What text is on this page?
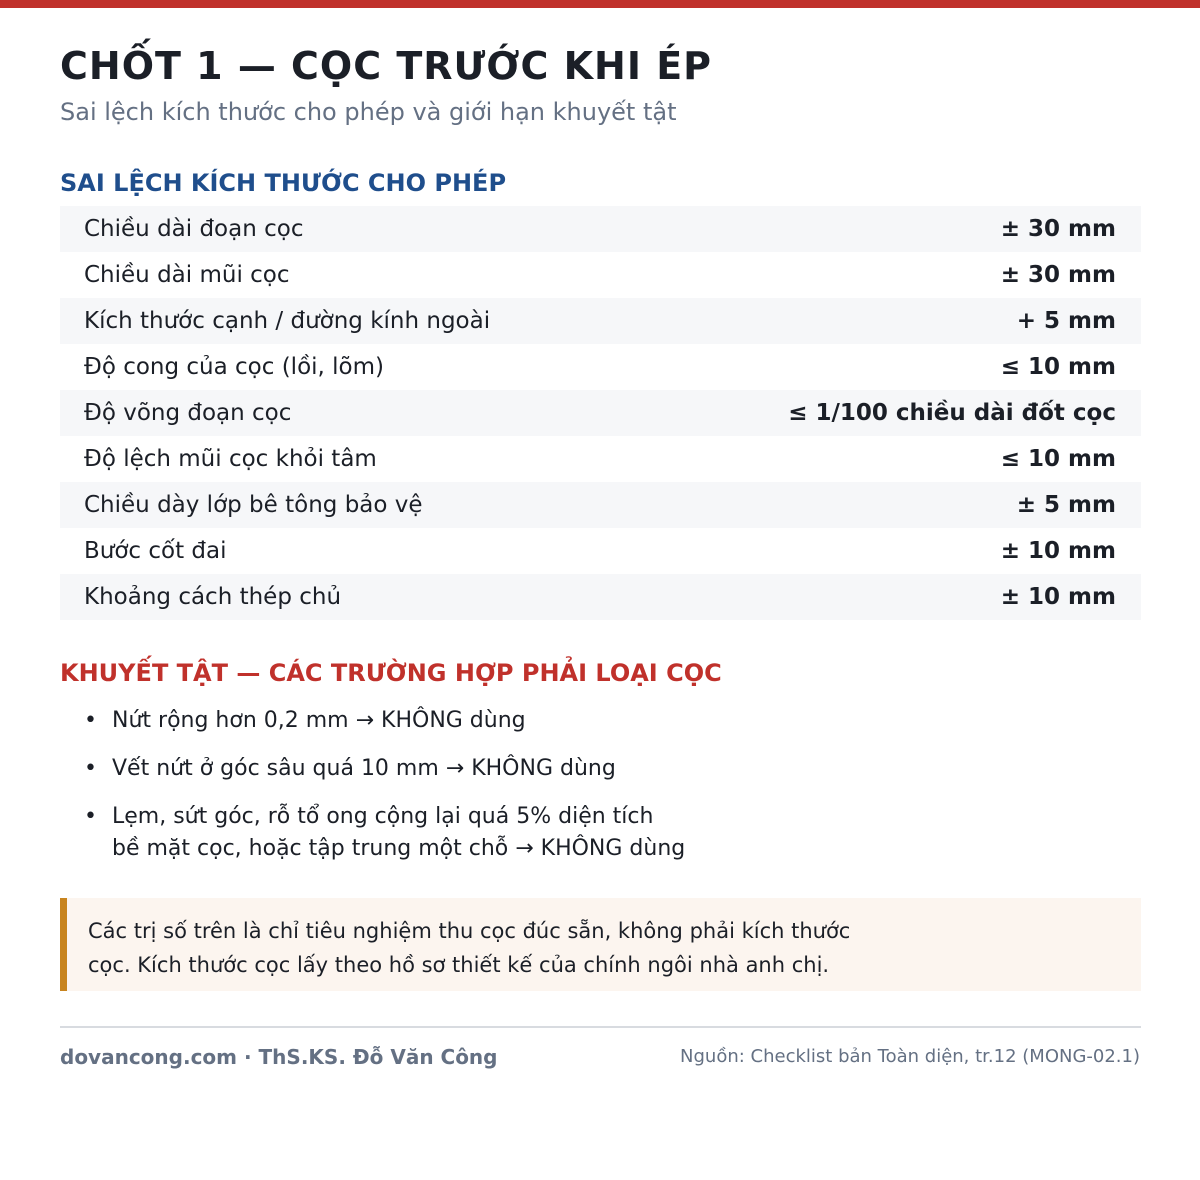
CHỐT 1 — CỌC TRƯỚC KHI ÉP

Sai lệch kích thước cho phép và giới hạn khuyết tật

SAI LỆCH KÍCH THƯỚC CHO PHÉP
Chiều dài đoạn cọc	± 30 mm
Chiều dài mũi cọc	± 30 mm
Kích thước cạnh / đường kính ngoài	+ 5 mm
Độ cong của cọc (lồi, lõm)	≤ 10 mm
Độ võng đoạn cọc	≤ 1/100 chiều dài đốt cọc
Độ lệch mũi cọc khỏi tâm	≤ 10 mm
Chiều dày lớp bê tông bảo vệ	± 5 mm
Bước cốt đai	± 10 mm
Khoảng cách thép chủ	± 10 mm
KHUYẾT TẬT — CÁC TRƯỜNG HỢP PHẢI LOẠI CỌC
• Nứt rộng hơn 0,2 mm → KHÔNG dùng
• Vết nứt ở góc sâu quá 10 mm → KHÔNG dùng
• Lẹm, sứt góc, rỗ tổ ong cộng lại quá 5% diện tích
bề mặt cọc, hoặc tập trung một chỗ → KHÔNG dùng
Các trị số trên là chỉ tiêu nghiệm thu cọc đúc sẵn, không phải kích thước
cọc. Kích thước cọc lấy theo hồ sơ thiết kế của chính ngôi nhà anh chị.
dovancong.com · ThS.KS. Đỗ Văn Công	Nguồn: Checklist bản Toàn diện, tr.12 (MONG-02.1)
